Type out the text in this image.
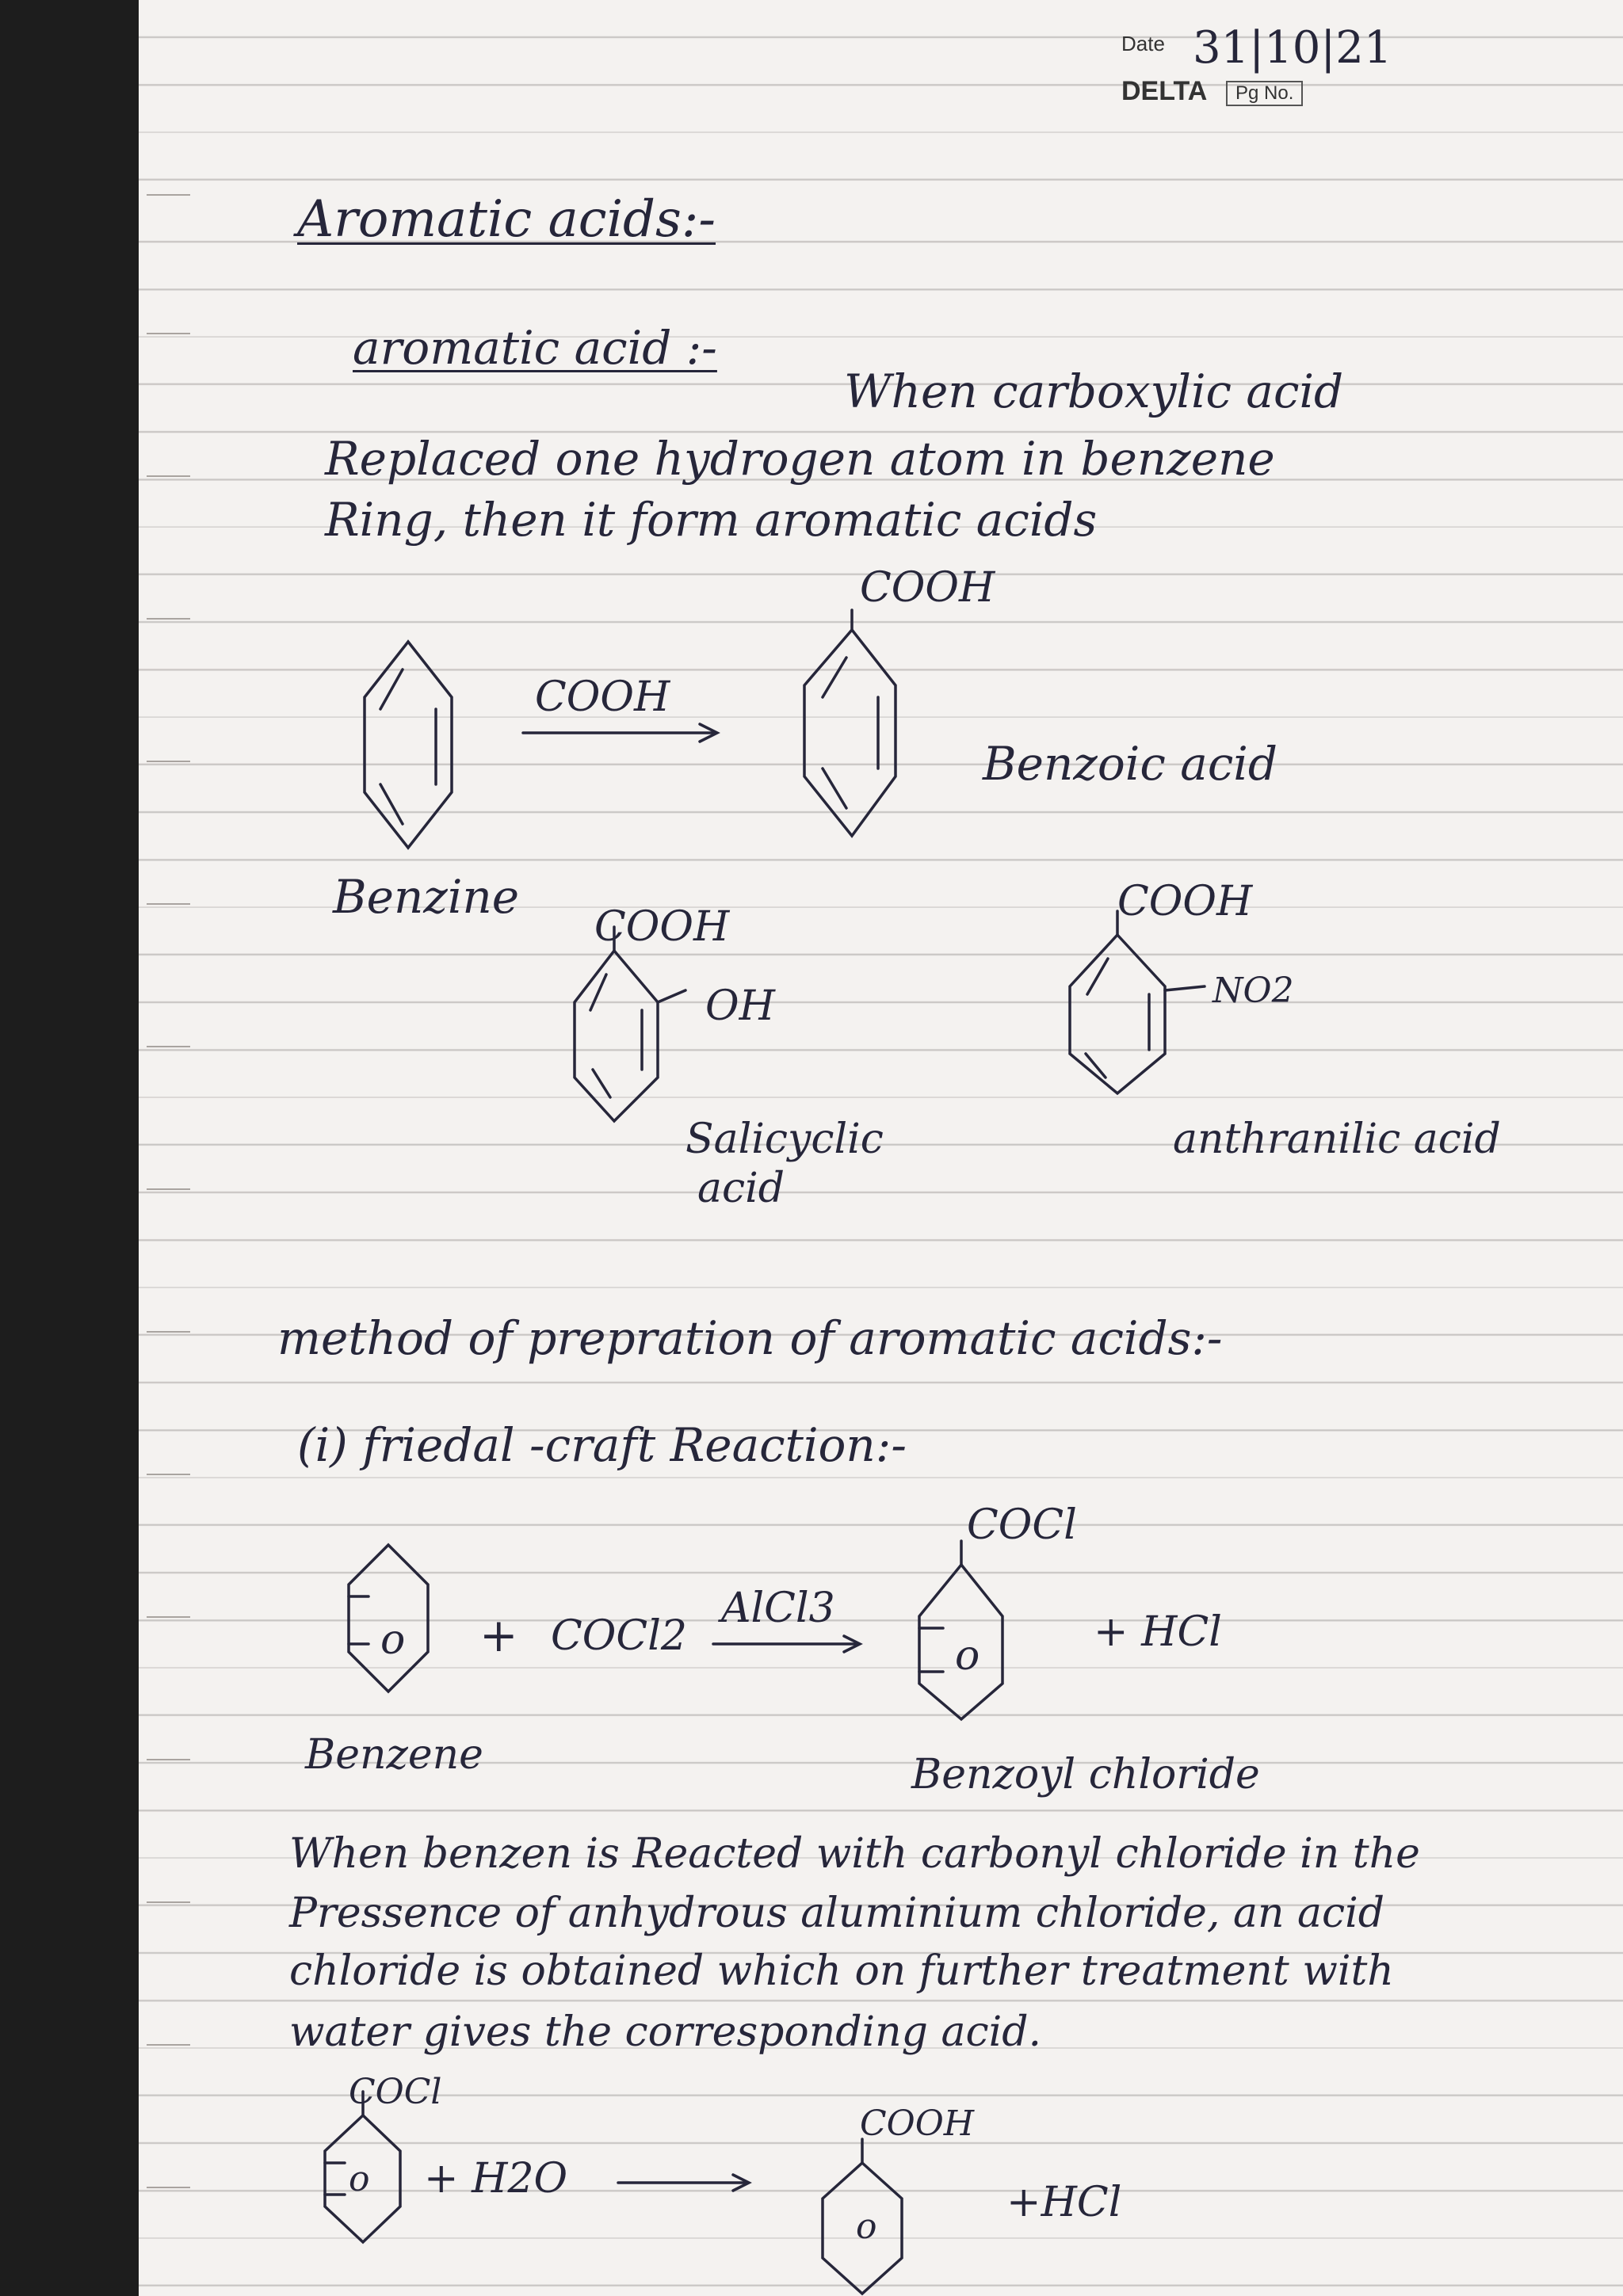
Date 31|10|21
DELTA	Pg No.
Aromatic acids:-
aromatic acid :-
When carboxylic acid
Replaced one hydrogen atom in benzene
Ring, then it form aromatic acids
COOH
COOH
Benzoic acid
Benzine
COOH
OH
Salicyclic
acid
COOH
NO2
anthranilic acid
method of prepration of aromatic acids:-
(i) friedal -craft Reaction:-
o + COCl2
AlCl3
COCl
o	+ HCl
Benzene	Benzoyl chloride
When benzen is Reacted with carbonyl chloride in the
Pressence of anhydrous aluminium chloride, an acid
chloride is obtained which on further treatment with
water gives the corresponding acid.
COCl
o + H2O
COOH
o
+HCl
